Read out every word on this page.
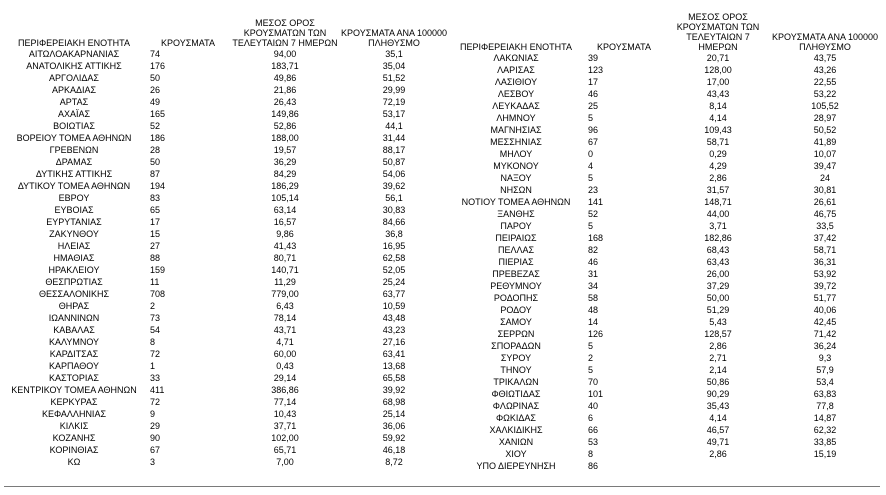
ΠΕΡΙΦΕΡΕΙΑΚΗ ΕΝΟΤΗΤΑ	ΚΡΟΥΣΜΑΤΑ	ΜΕΣΟΣ ΟΡΟΣ
ΚΡΟΥΣΜΑΤΩΝ ΤΩΝ
ΤΕΛΕΥΤΑΙΩΝ 7 ΗΜΕΡΩΝ	ΚΡΟΥΣΜΑΤΑ ΑΝΑ 100000
ΠΛΗΘΥΣΜΟ
ΑΙΤΩΛΟΑΚΑΡΝΑΝΙΑΣ	74	94,00	35,1
ΑΝΑΤΟΛΙΚΗΣ ΑΤΤΙΚΗΣ	176	183,71	35,04
ΑΡΓΟΛΙΔΑΣ	50	49,86	51,52
ΑΡΚΑΔΙΑΣ	26	21,86	29,99
ΑΡΤΑΣ	49	26,43	72,19
ΑΧΑΪΑΣ	165	149,86	53,17
ΒΟΙΩΤΙΑΣ	52	52,86	44,1
ΒΟΡΕΙΟΥ ΤΟΜΕΑ ΑΘΗΝΩΝ	186	188,00	31,44
ΓΡΕΒΕΝΩΝ	28	19,57	88,17
ΔΡΑΜΑΣ	50	36,29	50,87
ΔΥΤΙΚΗΣ ΑΤΤΙΚΗΣ	87	84,29	54,06
ΔΥΤΙΚΟΥ ΤΟΜΕΑ ΑΘΗΝΩΝ	194	186,29	39,62
ΕΒΡΟΥ	83	105,14	56,1
ΕΥΒΟΙΑΣ	65	63,14	30,83
ΕΥΡΥΤΑΝΙΑΣ	17	16,57	84,66
ΖΑΚΥΝΘΟΥ	15	9,86	36,8
ΗΛΕΙΑΣ	27	41,43	16,95
ΗΜΑΘΙΑΣ	88	80,71	62,58
ΗΡΑΚΛΕΙΟΥ	159	140,71	52,05
ΘΕΣΠΡΩΤΙΑΣ	11	11,29	25,24
ΘΕΣΣΑΛΟΝΙΚΗΣ	708	779,00	63,77
ΘΗΡΑΣ	2	6,43	10,59
ΙΩΑΝΝΙΝΩΝ	73	78,14	43,48
ΚΑΒΑΛΑΣ	54	43,71	43,23
ΚΑΛΥΜΝΟΥ	8	4,71	27,16
ΚΑΡΔΙΤΣΑΣ	72	60,00	63,41
ΚΑΡΠΑΘΟΥ	1	0,43	13,68
ΚΑΣΤΟΡΙΑΣ	33	29,14	65,58
ΚΕΝΤΡΙΚΟΥ ΤΟΜΕΑ ΑΘΗΝΩΝ	411	386,86	39,92
ΚΕΡΚΥΡΑΣ	72	77,14	68,98
ΚΕΦΑΛΛΗΝΙΑΣ	9	10,43	25,14
ΚΙΛΚΙΣ	29	37,71	36,06
ΚΟΖΑΝΗΣ	90	102,00	59,92
ΚΟΡΙΝΘΙΑΣ	67	65,71	46,18
ΚΩ	3	7,00	8,72
ΠΕΡΙΦΕΡΕΙΑΚΗ ΕΝΟΤΗΤΑ	ΚΡΟΥΣΜΑΤΑ	ΜΕΣΟΣ ΟΡΟΣ
ΚΡΟΥΣΜΑΤΩΝ ΤΩΝ
ΤΕΛΕΥΤΑΙΩΝ 7 ΗΜΕΡΩΝ	ΚΡΟΥΣΜΑΤΑ ΑΝΑ 100000
ΠΛΗΘΥΣΜΟ
ΛΑΚΩΝΙΑΣ	39	20,71	43,75
ΛΑΡΙΣΑΣ	123	128,00	43,26
ΛΑΣΙΘΙΟΥ	17	17,00	22,55
ΛΕΣΒΟΥ	46	43,43	53,22
ΛΕΥΚΑΔΑΣ	25	8,14	105,52
ΛΗΜΝΟΥ	5	4,14	28,97
ΜΑΓΝΗΣΙΑΣ	96	109,43	50,52
ΜΕΣΣΗΝΙΑΣ	67	58,71	41,89
ΜΗΛΟΥ	0	0,29	10,07
ΜΥΚΟΝΟΥ	4	4,29	39,47
ΝΑΞΟΥ	5	2,86	24
ΝΗΣΩΝ	23	31,57	30,81
ΝΟΤΙΟΥ ΤΟΜΕΑ ΑΘΗΝΩΝ	141	148,71	26,61
ΞΑΝΘΗΣ	52	44,00	46,75
ΠΑΡΟΥ	5	3,71	33,5
ΠΕΙΡΑΙΩΣ	168	182,86	37,42
ΠΕΛΛΑΣ	82	68,43	58,71
ΠΙΕΡΙΑΣ	46	63,43	36,31
ΠΡΕΒΕΖΑΣ	31	26,00	53,92
ΡΕΘΥΜΝΟΥ	34	37,29	39,72
ΡΟΔΟΠΗΣ	58	50,00	51,77
ΡΟΔΟΥ	48	51,29	40,06
ΣΑΜΟΥ	14	5,43	42,45
ΣΕΡΡΩΝ	126	128,57	71,42
ΣΠΟΡΑΔΩΝ	5	2,86	36,24
ΣΥΡΟΥ	2	2,71	9,3
ΤΗΝΟΥ	5	2,14	57,9
ΤΡΙΚΑΛΩΝ	70	50,86	53,4
ΦΘΙΩΤΙΔΑΣ	101	90,29	63,83
ΦΛΩΡΙΝΑΣ	40	35,43	77,8
ΦΩΚΙΔΑΣ	6	4,14	14,87
ΧΑΛΚΙΔΙΚΗΣ	66	46,57	62,32
ΧΑΝΙΩΝ	53	49,71	33,85
ΧΙΟΥ	8	2,86	15,19
ΥΠΟ ΔΙΕΡΕΥΝΗΣΗ	86		
